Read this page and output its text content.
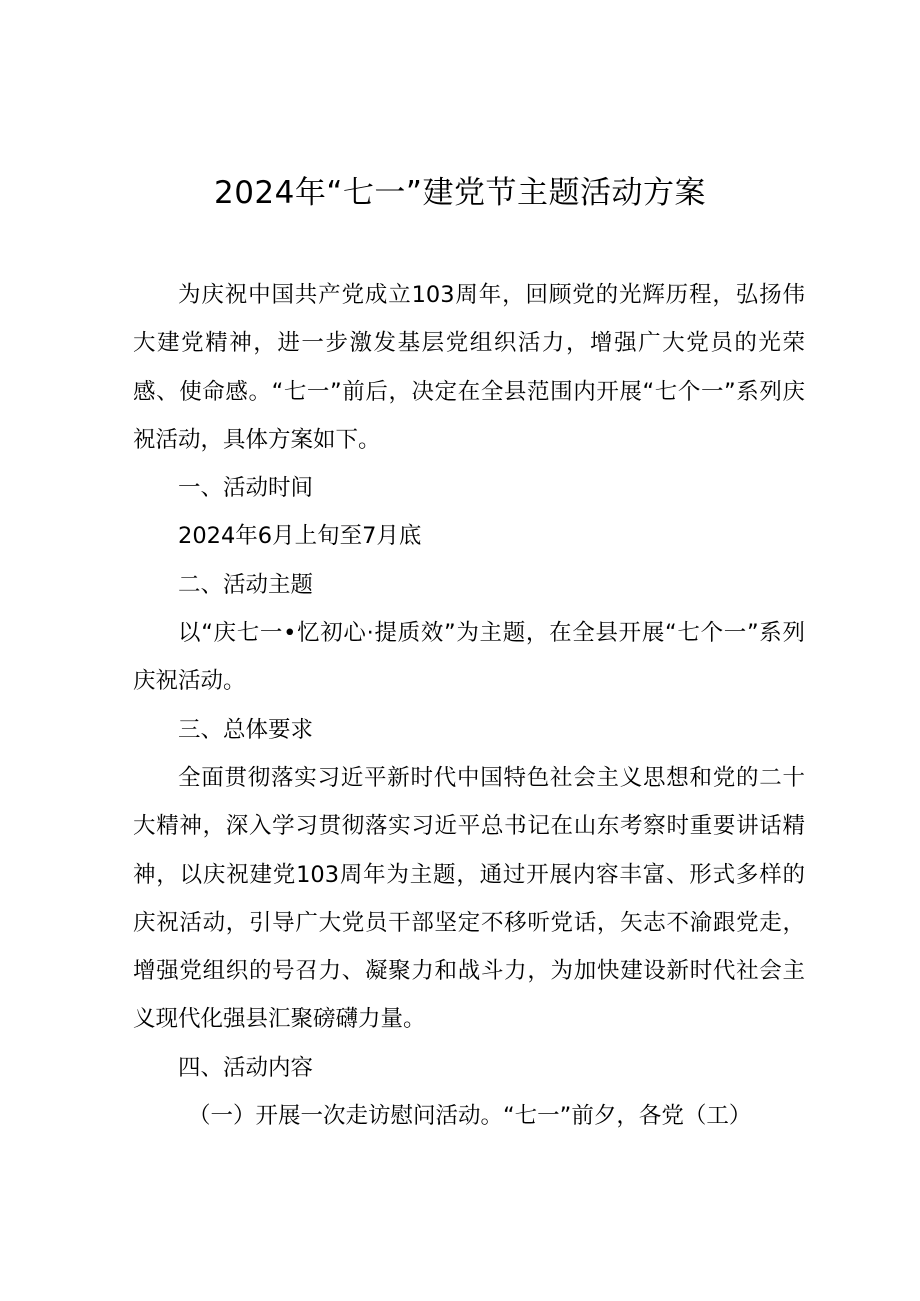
2024年“七一”建党节主题活动方案

为庆祝中国共产党成立103周年，回顾党的光辉历程，弘扬伟大建党精神，进一步激发基层党组织活力，增强广大党员的光荣感、使命感。“七一”前后，决定在全县范围内开展“七个一”系列庆祝活动，具体方案如下。

一、活动时间

2024年6月上旬至7月底

二、活动主题

以“庆七一•忆初心·提质效”为主题，在全县开展“七个一”系列庆祝活动。

三、总体要求

全面贯彻落实习近平新时代中国特色社会主义思想和党的二十大精神，深入学习贯彻落实习近平总书记在山东考察时重要讲话精神，以庆祝建党103周年为主题，通过开展内容丰富、形式多样的庆祝活动，引导广大党员干部坚定不移听党话，矢志不渝跟党走，增强党组织的号召力、凝聚力和战斗力，为加快建设新时代社会主义现代化强县汇聚磅礴力量。

四、活动内容

（一）开展一次走访慰问活动。“七一”前夕，各党（工）
